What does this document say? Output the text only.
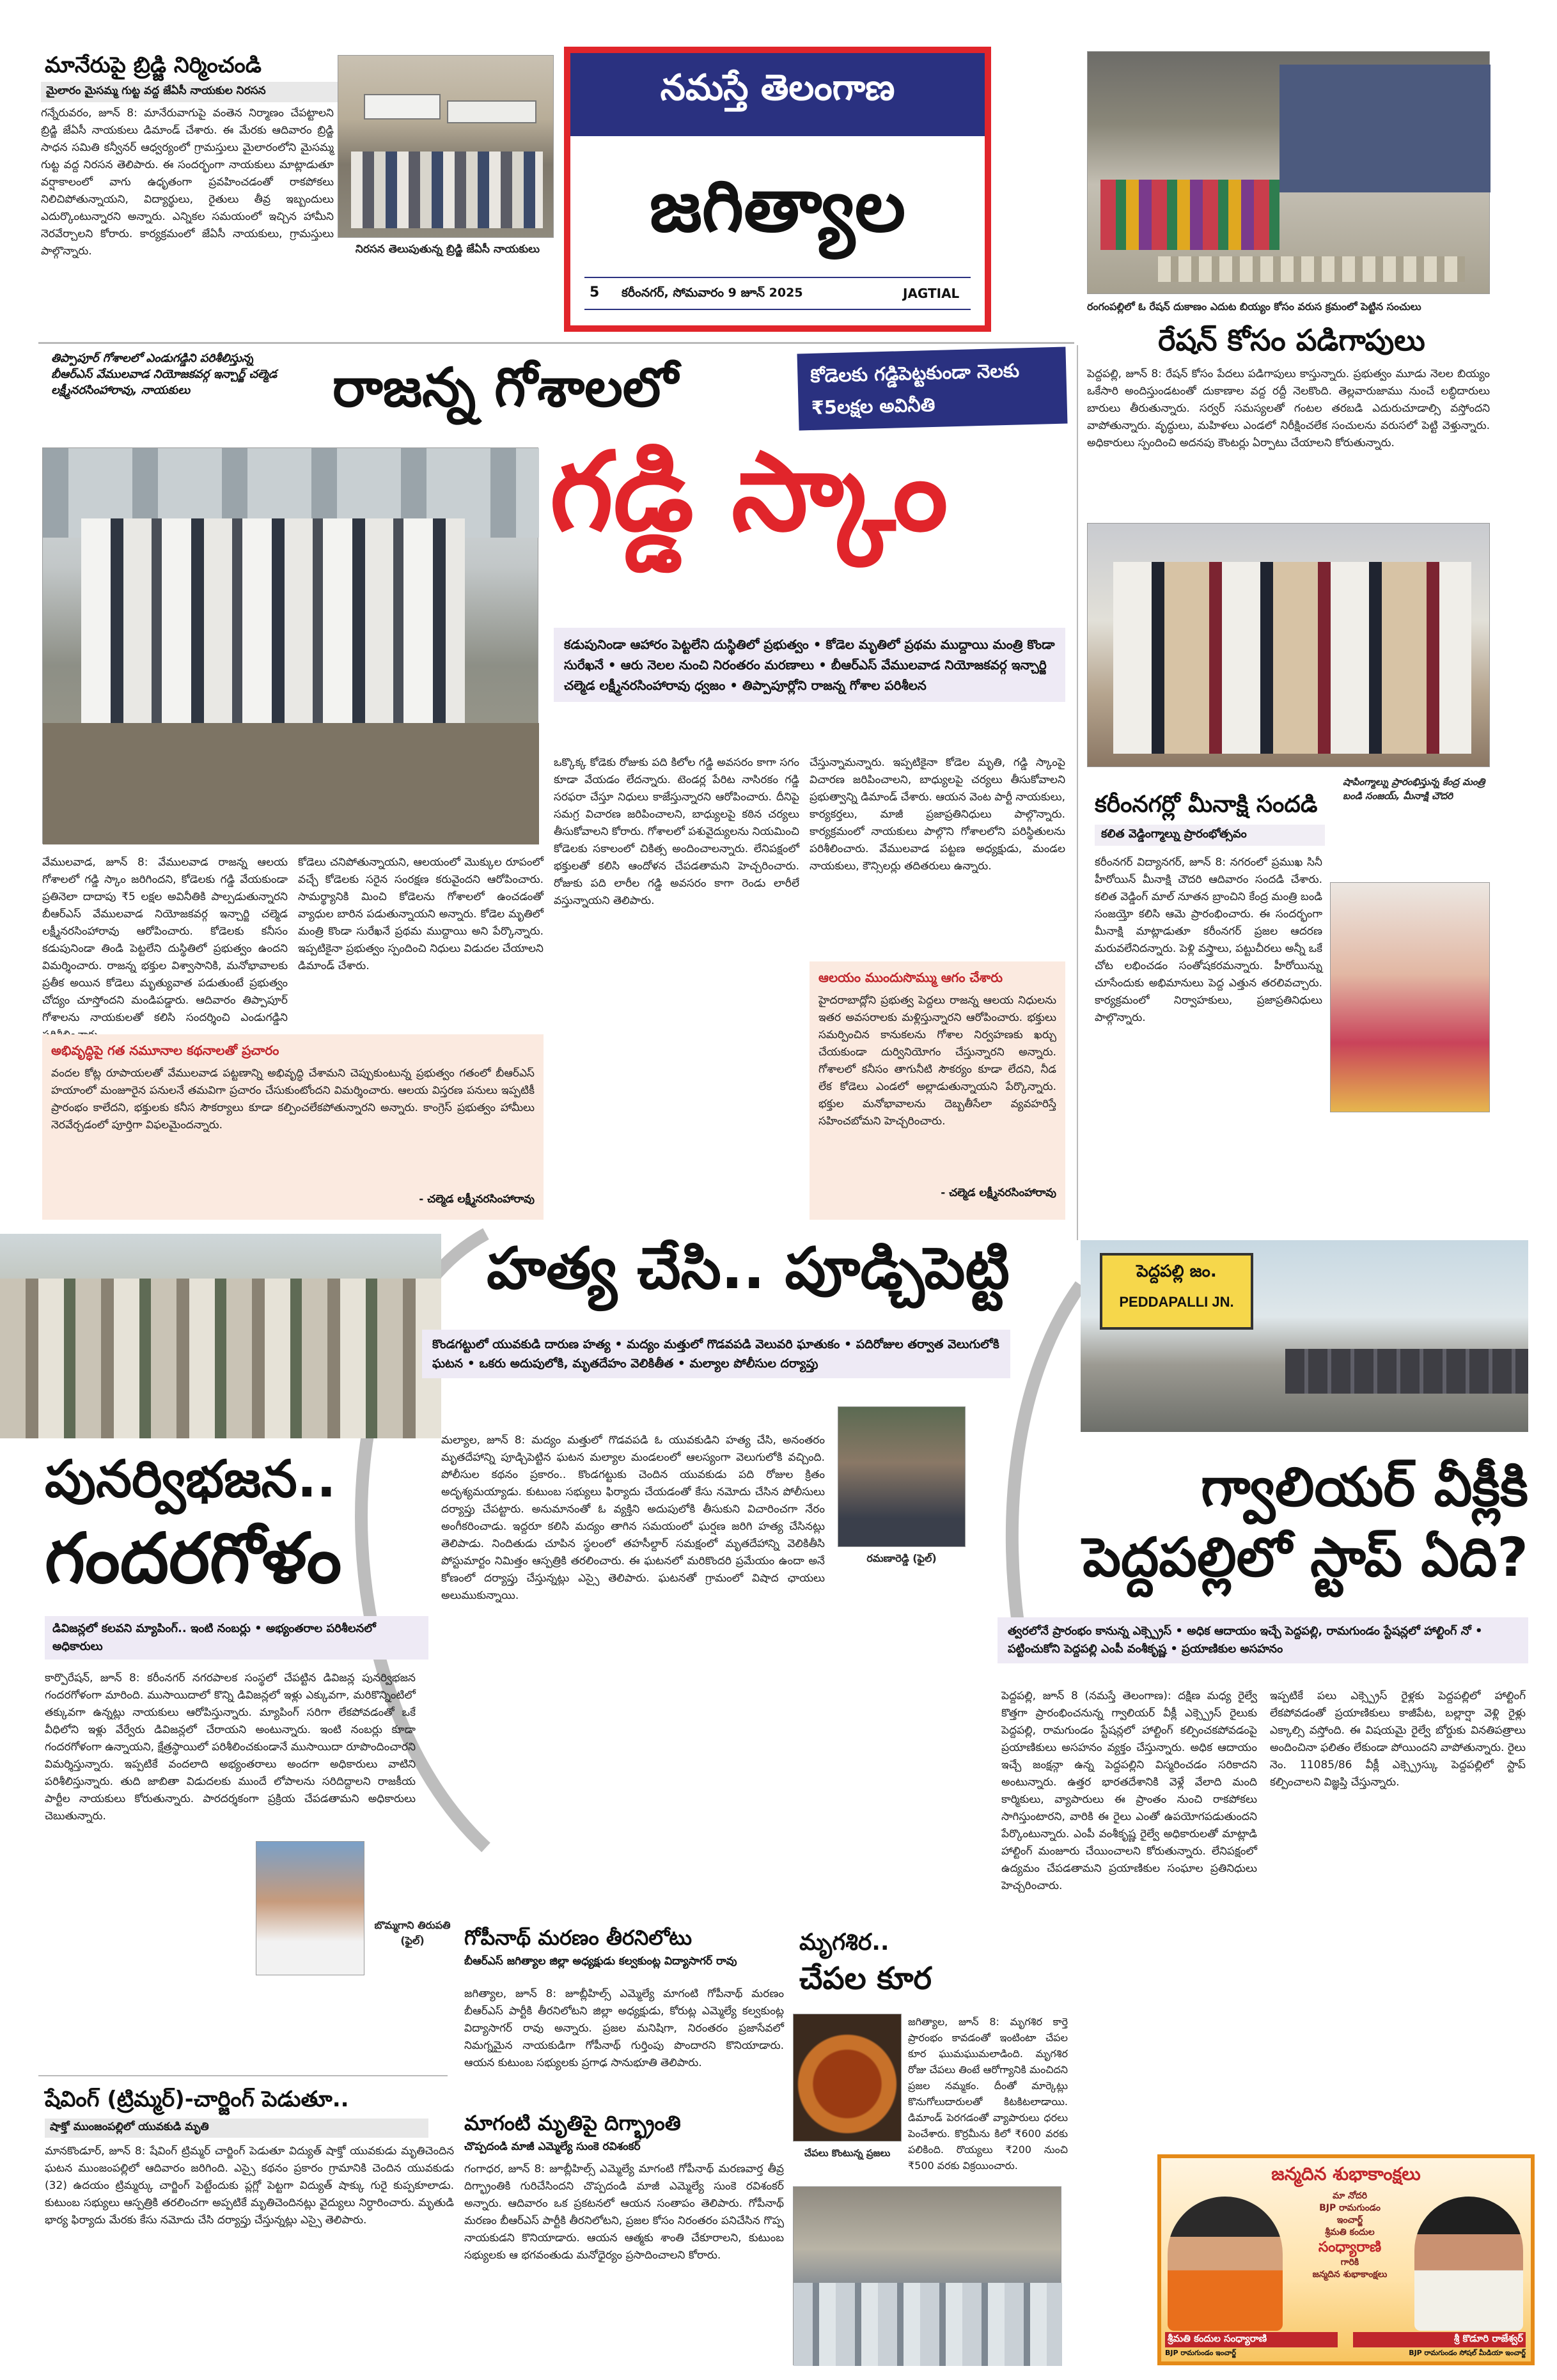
మానేరుపై బ్రిడ్జి నిర్మించండి
మైలారం మైసమ్మ గుట్ట వద్ద జేఏసీ నాయకుల నిరసన
నిరసన తెలుపుతున్న బ్రిడ్జి జేఏసీ నాయకులు
గన్నేరువరం, జూన్ 8: మానేరువాగుపై వంతెన నిర్మాణం చేపట్టాలని బ్రిడ్జి జేఏసీ నాయకులు డిమాండ్ చేశారు. ఈ మేరకు ఆదివారం బ్రిడ్జి సాధన సమితి కన్వీనర్ ఆధ్వర్యంలో గ్రామస్తులు మైలారంలోని మైసమ్మ గుట్ట వద్ద నిరసన తెలిపారు. ఈ సందర్భంగా నాయకులు మాట్లాడుతూ వర్షాకాలంలో వాగు ఉధృతంగా ప్రవహించడంతో రాకపోకలు నిలిచిపోతున్నాయని, విద్యార్థులు, రైతులు తీవ్ర ఇబ్బందులు ఎదుర్కొంటున్నారని అన్నారు. ఎన్నికల సమయంలో ఇచ్చిన హామీని నెరవేర్చాలని కోరారు. కార్యక్రమంలో జేఏసీ నాయకులు, గ్రామస్తులు పాల్గొన్నారు.
నమస్తే తెలంగాణ
జగిత్యాల
5 కరీంనగర్, సోమవారం 9 జూన్ 2025	JAGTIAL
రంగంపల్లిలో ఓ రేషన్ దుకాణం ఎదుట బియ్యం కోసం వరుస క్రమంలో పెట్టిన సంచులు
రేషన్ కోసం పడిగాపులు
పెద్దపల్లి, జూన్ 8: రేషన్ కోసం పేదలు పడిగాపులు కాస్తున్నారు. ప్రభుత్వం మూడు నెలల బియ్యం ఒకేసారి అందిస్తుండటంతో దుకాణాల వద్ద రద్దీ నెలకొంది. తెల్లవారుజాము నుంచే లబ్ధిదారులు బారులు తీరుతున్నారు. సర్వర్ సమస్యలతో గంటల తరబడి ఎదురుచూడాల్సి వస్తోందని వాపోతున్నారు. వృద్ధులు, మహిళలు ఎండలో నిరీక్షించలేక సంచులను వరుసలో పెట్టి వెళ్తున్నారు. అధికారులు స్పందించి అదనపు కౌంటర్లు ఏర్పాటు చేయాలని కోరుతున్నారు.
తిప్పాపూర్ గోశాలలో ఎండుగడ్డిని పరిశీలిస్తున్న బీఆర్ఎస్ వేములవాడ నియోజకవర్గ ఇన్చార్జ్ చల్మెడ లక్ష్మీనరసింహారావు, నాయకులు	రాజన్న గోశాలలో	కోడెలకు గడ్డిపెట్టకుండా నెలకు ₹5లక్షల అవినీతి
గడ్డి స్కాం
కడుపునిండా ఆహారం పెట్టలేని దుస్థితిలో ప్రభుత్వం • కోడెల మృతిలో ప్రథమ ముద్దాయి మంత్రి కొండా సురేఖనే • ఆరు నెలల నుంచి నిరంతరం మరణాలు • బీఆర్ఎస్ వేములవాడ నియోజకవర్గ ఇన్చార్జి చల్మెడ లక్ష్మీనరసింహారావు ధ్వజం • తిప్పాపూర్లోని రాజన్న గోశాల పరిశీలన
వేములవాడ, జూన్ 8: వేములవాడ రాజన్న ఆలయ గోశాలలో గడ్డి స్కాం జరిగిందని, కోడెలకు గడ్డి వేయకుండా ప్రతినెలా దాదాపు ₹5 లక్షల అవినీతికి పాల్పడుతున్నారని బీఆర్ఎస్ వేములవాడ నియోజకవర్గ ఇన్చార్జి చల్మెడ లక్ష్మీనరసింహారావు ఆరోపించారు. కోడెలకు కనీసం కడుపునిండా తిండి పెట్టలేని దుస్థితిలో ప్రభుత్వం ఉందని విమర్శించారు. రాజన్న భక్తుల విశ్వాసానికి, మనోభావాలకు ప్రతీక అయిన కోడెలు మృత్యువాత పడుతుంటే ప్రభుత్వం చోద్యం చూస్తోందని మండిపడ్డారు. ఆదివారం తిప్పాపూర్ గోశాలను నాయకులతో కలిసి సందర్శించి ఎండుగడ్డిని
కోడెలు చనిపోతున్నాయని, ఆలయంలో మొక్కుల రూపంలో వచ్చే కోడెలకు సరైన సంరక్షణ కరువైందని ఆరోపించారు. సామర్థ్యానికి మించి కోడెలను గోశాలలో ఉంచడంతో వ్యాధుల బారిన పడుతున్నాయని అన్నారు. కోడెల మృతిలో మంత్రి కొండా సురేఖనే ప్రథమ ముద్దాయి అని పేర్కొన్నారు. ఇప్పటికైనా ప్రభుత్వం స్పందించి నిధులు విడుదల చేయాలని డిమాండ్ చేశారు.
ఒక్కొక్క కోడెకు రోజుకు పది కిలోల గడ్డి అవసరం కాగా సగం కూడా వేయడం లేదన్నారు. టెండర్ల పేరిట నాసిరకం గడ్డి సరఫరా చేస్తూ నిధులు కాజేస్తున్నారని ఆరోపించారు. దీనిపై సమగ్ర విచారణ జరిపించాలని, బాధ్యులపై కఠిన చర్యలు తీసుకోవాలని కోరారు. గోశాలలో పశువైద్యులను నియమించి కోడెలకు సకాలంలో చికిత్స అందించాలన్నారు. లేనిపక్షంలో భక్తులతో కలిసి ఆందోళన చేపడతామని హెచ్చరించారు. రోజుకు పది లారీల గడ్డి అవసరం కాగా రెండు లారీలే వస్తున్నాయని తెలిపారు.
చేస్తున్నామన్నారు. ఇప్పటికైనా కోడెల మృతి, గడ్డి స్కాంపై విచారణ జరిపించాలని, బాధ్యులపై చర్యలు తీసుకోవాలని ప్రభుత్వాన్ని డిమాండ్ చేశారు. ఆయన వెంట పార్టీ నాయకులు, కార్యకర్తలు, మాజీ ప్రజాప్రతినిధులు పాల్గొన్నారు. కార్యక్రమంలో నాయకులు పాల్గొని గోశాలలోని పరిస్థితులను పరిశీలించారు. వేములవాడ పట్టణ అధ్యక్షుడు, మండల నాయకులు, కౌన్సిలర్లు తదితరులు ఉన్నారు.
అభివృద్ధిపై గత నమూనాల కథనాలతో ప్రచారం
వందల కోట్ల రూపాయలతో వేములవాడ పట్టణాన్ని అభివృద్ధి చేశామని చెప్పుకుంటున్న ప్రభుత్వం గతంలో బీఆర్ఎస్ హయాంలో మంజూరైన పనులనే తమవిగా ప్రచారం చేసుకుంటోందని విమర్శించారు. ఆలయ విస్తరణ పనులు ఇప్పటికీ ప్రారంభం కాలేదని, భక్తులకు కనీస సౌకర్యాలు కూడా కల్పించలేకపోతున్నారని అన్నారు. కాంగ్రెస్ ప్రభుత్వం హామీలు నెరవేర్చడంలో పూర్తిగా విఫలమైందన్నారు.
- చల్మెడ లక్ష్మీనరసింహారావు
ఆలయం ముందుసొమ్ము ఆగం చేశారు
హైదరాబాద్లోని ప్రభుత్వ పెద్దలు రాజన్న ఆలయ నిధులను ఇతర అవసరాలకు మళ్లిస్తున్నారని ఆరోపించారు. భక్తులు సమర్పించిన కానుకలను గోశాల నిర్వహణకు ఖర్చు చేయకుండా దుర్వినియోగం చేస్తున్నారని అన్నారు. గోశాలలో కనీసం తాగునీటి సౌకర్యం కూడా లేదని, నీడ లేక కోడెలు ఎండలో అల్లాడుతున్నాయని పేర్కొన్నారు. భక్తుల మనోభావాలను దెబ్బతీసేలా వ్యవహరిస్తే సహించబోమని హెచ్చరించారు.
- చల్మెడ లక్ష్మీనరసింహారావు
షాపింగ్మాల్ను ప్రారంభిస్తున్న కేంద్ర మంత్రి బండి సంజయ్, మీనాక్షి చౌదరి
కరీంనగర్లో మీనాక్షి సందడి
కలిత వెడ్డింగ్మాల్ను ప్రారంభోత్సవం
కరీంనగర్ విద్యానగర్, జూన్ 8: నగరంలో ప్రముఖ సినీ హీరోయిన్ మీనాక్షి చౌదరి ఆదివారం సందడి చేశారు. కలిత వెడ్డింగ్ మాల్ నూతన బ్రాంచిని కేంద్ర మంత్రి బండి సంజయ్తో కలిసి ఆమె ప్రారంభించారు. ఈ సందర్భంగా మీనాక్షి మాట్లాడుతూ కరీంనగర్ ప్రజల ఆదరణ మరువలేనిదన్నారు. పెళ్లి వస్త్రాలు, పట్టుచీరలు అన్నీ ఒకే చోట లభించడం సంతోషకరమన్నారు. హీరోయిన్ను చూసేందుకు అభిమానులు పెద్ద ఎత్తున తరలివచ్చారు. కార్యక్రమంలో నిర్వాహకులు, ప్రజాప్రతినిధులు పాల్గొన్నారు.
పునర్విభజన..
గందరగోళం
డివిజన్లలో కలవని మ్యాపింగ్.. ఇంటి నంబర్లు • అభ్యంతరాల పరిశీలనలో అధికారులు
కార్పొరేషన్, జూన్ 8: కరీంనగర్ నగరపాలక సంస్థలో చేపట్టిన డివిజన్ల పునర్విభజన గందరగోళంగా మారింది. ముసాయిదాలో కొన్ని డివిజన్లలో ఇళ్లు ఎక్కువగా, మరికొన్నింటిలో తక్కువగా ఉన్నట్లు నాయకులు ఆరోపిస్తున్నారు. మ్యాపింగ్ సరిగా లేకపోవడంతో ఒకే వీధిలోని ఇళ్లు వేర్వేరు డివిజన్లలో చేరాయని అంటున్నారు. ఇంటి నంబర్లు కూడా గందరగోళంగా ఉన్నాయని, క్షేత్రస్థాయిలో పరిశీలించకుండానే ముసాయిదా రూపొందించారని విమర్శిస్తున్నారు. ఇప్పటికే వందలాది అభ్యంతరాలు అందగా అధికారులు వాటిని పరిశీలిస్తున్నారు. తుది జాబితా విడుదలకు ముందే లోపాలను సరిదిద్దాలని రాజకీయ పార్టీల నాయకులు కోరుతున్నారు. పారదర్శకంగా ప్రక్రియ చేపడతామని అధికారులు చెబుతున్నారు.
బొమ్మగాని తిరుపతి (ఫైల్)
హత్య చేసి.. పూడ్చిపెట్టి
కొండగట్టులో యువకుడి దారుణ హత్య • మద్యం మత్తులో గొడవపడి వెలువరి ఘాతుకం • పదిరోజుల తర్వాత వెలుగులోకి ఘటన • ఒకరు అదుపులోకి, మృతదేహం వెలికితీత • మల్యాల పోలీసుల దర్యాప్తు
మల్యాల, జూన్ 8: మద్యం మత్తులో గొడవపడి ఓ యువకుడిని హత్య చేసి, అనంతరం మృతదేహాన్ని పూడ్చిపెట్టిన ఘటన మల్యాల మండలంలో ఆలస్యంగా వెలుగులోకి వచ్చింది. పోలీసుల కథనం ప్రకారం.. కొండగట్టుకు చెందిన యువకుడు పది రోజుల క్రితం అదృశ్యమయ్యాడు. కుటుంబ సభ్యులు ఫిర్యాదు చేయడంతో కేసు నమోదు చేసిన పోలీసులు దర్యాప్తు చేపట్టారు. అనుమానంతో ఓ వ్యక్తిని అదుపులోకి తీసుకుని విచారించగా నేరం అంగీకరించాడు. ఇద్దరూ కలిసి మద్యం తాగిన సమయంలో ఘర్షణ జరిగి హత్య చేసినట్లు తెలిపాడు. నిందితుడు చూపిన స్థలంలో తహసీల్దార్ సమక్షంలో మృతదేహాన్ని వెలికితీసి పోస్టుమార్టం నిమిత్తం ఆస్పత్రికి తరలించారు. ఈ ఘటనలో మరికొందరి ప్రమేయం ఉందా అనే కోణంలో దర్యాప్తు చేస్తున్నట్లు ఎస్సై తెలిపారు. ఘటనతో గ్రామంలో విషాద ఛాయలు అలుముకున్నాయి.
రమణారెడ్డి (ఫైల్)
పెద్దపల్లి జం.
PEDDAPALLI JN.
గ్వాలియర్ వీక్లీకి
పెద్దపల్లిలో స్టాప్ ఏది?
త్వరలోనే ప్రారంభం కానున్న ఎక్స్ప్రెస్ • అధిక ఆదాయం ఇచ్చే పెద్దపల్లి, రామగుండం స్టేషన్లలో హాల్టింగ్ నో • పట్టించుకోని పెద్దపల్లి ఎంపీ వంశీకృష్ణ • ప్రయాణికుల అసహనం
పెద్దపల్లి, జూన్ 8 (నమస్తే తెలంగాణ): దక్షిణ మధ్య రైల్వే కొత్తగా ప్రారంభించనున్న గ్వాలియర్ వీక్లీ ఎక్స్ప్రెస్ రైలుకు పెద్దపల్లి, రామగుండం స్టేషన్లలో హాల్టింగ్ కల్పించకపోవడంపై ప్రయాణికులు అసహనం వ్యక్తం చేస్తున్నారు. అధిక ఆదాయం ఇచ్చే జంక్షన్గా ఉన్న పెద్దపల్లిని విస్మరించడం సరికాదని అంటున్నారు. ఉత్తర భారతదేశానికి వెళ్లే వేలాది మంది కార్మికులు, వ్యాపారులు ఈ ప్రాంతం నుంచి రాకపోకలు సాగిస్తుంటారని, వారికి ఈ రైలు ఎంతో ఉపయోగపడుతుందని పేర్కొంటున్నారు. ఎంపీ వంశీకృష్ణ రైల్వే అధికారులతో మాట్లాడి హాల్టింగ్ మంజూరు చేయించాలని కోరుతున్నారు. లేనిపక్షంలో ఉద్యమం చేపడతామని ప్రయాణికుల సంఘాల ప్రతినిధులు హెచ్చరించారు.
ఇప్పటికే పలు ఎక్స్ప్రెస్ రైళ్లకు పెద్దపల్లిలో హాల్టింగ్ లేకపోవడంతో ప్రయాణికులు కాజీపేట, బల్లార్షా వెళ్లి రైళ్లు ఎక్కాల్సి వస్తోంది. ఈ విషయమై రైల్వే బోర్డుకు వినతిపత్రాలు అందించినా ఫలితం లేకుండా పోయిందని వాపోతున్నారు. రైలు నెం. 11085/86 వీక్లీ ఎక్స్ప్రెస్కు పెద్దపల్లిలో స్టాప్ కల్పించాలని విజ్ఞప్తి చేస్తున్నారు.
గోపీనాథ్ మరణం తీరనిలోటు
బీఆర్ఎస్ జగిత్యాల జిల్లా అధ్యక్షుడు కల్వకుంట్ల విద్యాసాగర్ రావు
జగిత్యాల, జూన్ 8: జూబ్లీహిల్స్ ఎమ్మెల్యే మాగంటి గోపీనాథ్ మరణం బీఆర్ఎస్ పార్టీకి తీరనిలోటని జిల్లా అధ్యక్షుడు, కోరుట్ల ఎమ్మెల్యే కల్వకుంట్ల విద్యాసాగర్ రావు అన్నారు. ప్రజల మనిషిగా, నిరంతరం ప్రజాసేవలో నిమగ్నమైన నాయకుడిగా గోపీనాథ్ గుర్తింపు పొందారని కొనియాడారు. ఆయన కుటుంబ సభ్యులకు ప్రగాఢ సానుభూతి తెలిపారు.
మాగంటి మృతిపై దిగ్భ్రాంతి
చొప్పదండి మాజీ ఎమ్మెల్యే సుంకె రవిశంకర్
గంగాధర, జూన్ 8: జూబ్లీహిల్స్ ఎమ్మెల్యే మాగంటి గోపీనాథ్ మరణవార్త తీవ్ర దిగ్భ్రాంతికి గురిచేసిందని చొప్పదండి మాజీ ఎమ్మెల్యే సుంకె రవిశంకర్ అన్నారు. ఆదివారం ఒక ప్రకటనలో ఆయన సంతాపం తెలిపారు. గోపీనాథ్ మరణం బీఆర్ఎస్ పార్టీకి తీరనిలోటని, ప్రజల కోసం నిరంతరం పనిచేసిన గొప్ప నాయకుడని కొనియాడారు. ఆయన ఆత్మకు శాంతి చేకూరాలని, కుటుంబ సభ్యులకు ఆ భగవంతుడు మనోధైర్యం ప్రసాదించాలని కోరారు.
మృగశిర..
చేపల కూర
చేపలు కొంటున్న ప్రజలు
జగిత్యాల, జూన్ 8: మృగశిర కార్తె ప్రారంభం కావడంతో ఇంటింటా చేపల కూర ఘుమఘుమలాడింది. మృగశిర రోజు చేపలు తింటే ఆరోగ్యానికి మంచిదని ప్రజల నమ్మకం. దీంతో మార్కెట్లు కొనుగోలుదారులతో కిటకిటలాడాయి. డిమాండ్ పెరగడంతో వ్యాపారులు ధరలు పెంచేశారు. కొర్రమీను కిలో ₹600 వరకు పలికింది. రొయ్యలు ₹200 నుంచి ₹500 వరకు విక్రయించారు.
షేవింగ్ (ట్రిమ్మర్)-చార్జింగ్ పెడుతూ..
షాక్తో ముంజంపల్లిలో యువకుడి మృతి
మానకొండూర్, జూన్ 8: షేవింగ్ ట్రిమ్మర్ చార్జింగ్ పెడుతూ విద్యుత్ షాక్తో యువకుడు మృతిచెందిన ఘటన ముంజంపల్లిలో ఆదివారం జరిగింది. ఎస్సై కథనం ప్రకారం గ్రామానికి చెందిన యువకుడు (32) ఉదయం ట్రిమ్మర్కు చార్జింగ్ పెట్టేందుకు ప్లగ్లో పెట్టగా విద్యుత్ షాక్కు గురై కుప్పకూలాడు. కుటుంబ సభ్యులు ఆస్పత్రికి తరలించగా అప్పటికే మృతిచెందినట్లు వైద్యులు నిర్ధారించారు. మృతుడి భార్య ఫిర్యాదు మేరకు కేసు నమోదు చేసి దర్యాప్తు చేస్తున్నట్లు ఎస్సై తెలిపారు.
జన్మదిన శుభాకాంక్షలు
మా నోదరి
BJP రామగుండం
ఇంచార్జ్
శ్రీమతి కందుల
సంధ్యారాణి
గారికి
జన్మదిన శుభాకాంక్షలు
శ్రీమతి కందుల సంధ్యారాణి
BJP రామగుండం ఇంచార్జ్
శ్రీ కొడూరి రాజేశ్వర్
BJP రామగుండం సోషల్ మీడియా ఇంచార్జ్
